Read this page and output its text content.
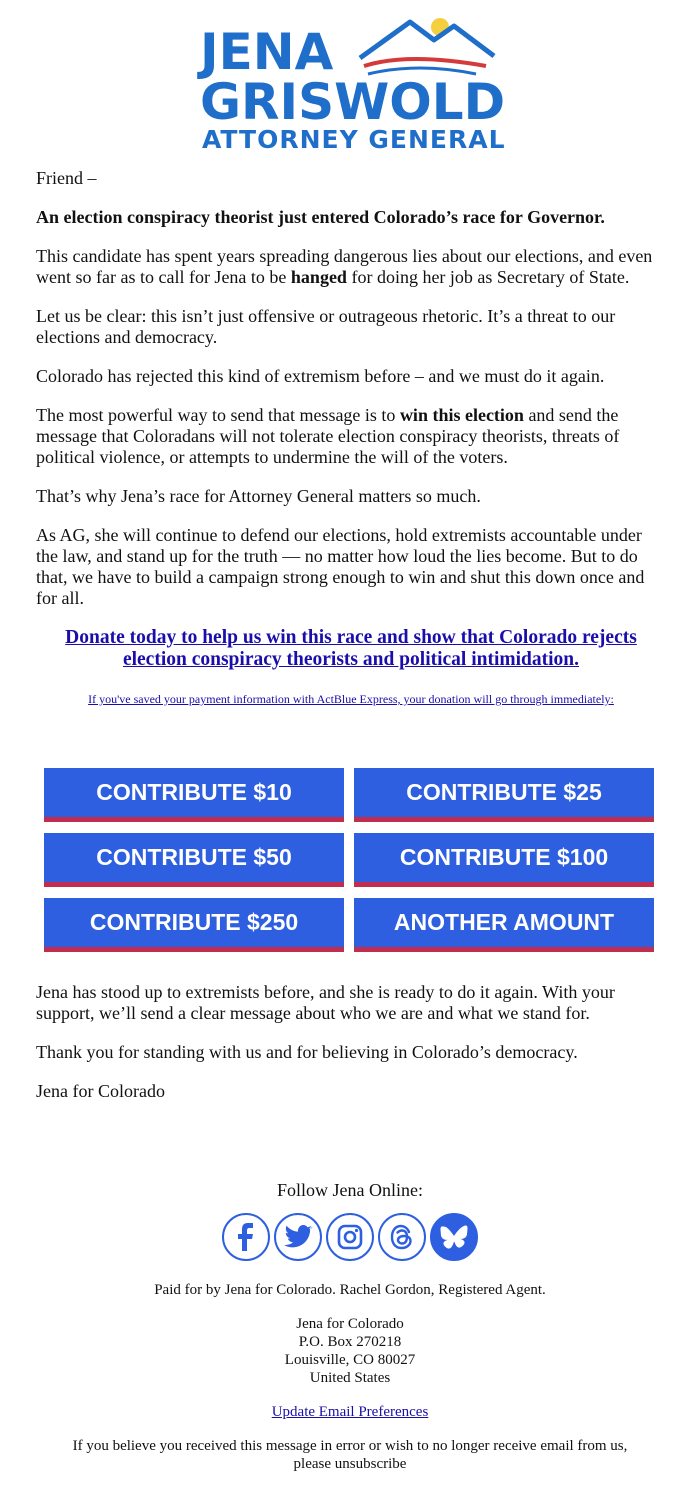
JENA
GRISWOLD
ATTORNEY GENERAL

Friend –

An election conspiracy theorist just entered Colorado’s race for Governor.

This candidate has spent years spreading dangerous lies about our elections, and even went so far as to call for Jena to be hanged for doing her job as Secretary of State.

Let us be clear: this isn’t just offensive or outrageous rhetoric. It’s a threat to our elections and democracy.

Colorado has rejected this kind of extremism before – and we must do it again.

The most powerful way to send that message is to win this election and send the message that Coloradans will not tolerate election conspiracy theorists, threats of political violence, or attempts to undermine the will of the voters.

That’s why Jena’s race for Attorney General matters so much.

As AG, she will continue to defend our elections, hold extremists accountable under the law, and stand up for the truth — no matter how loud the lies become. But to do that, we have to build a campaign strong enough to win and shut this down once and for all.

Donate today to help us win this race and show that Colorado rejects election conspiracy theorists and political intimidation.

If you've saved your payment information with ActBlue Express, your donation will go through immediately:

CONTRIBUTE $10	CONTRIBUTE $25
CONTRIBUTE $50	CONTRIBUTE $100
CONTRIBUTE $250	ANOTHER AMOUNT

Jena has stood up to extremists before, and she is ready to do it again. With your support, we’ll send a clear message about who we are and what we stand for.

Thank you for standing with us and for believing in Colorado’s democracy.

Jena for Colorado

Follow Jena Online:
Paid for by Jena for Colorado. Rachel Gordon, Registered Agent.
Jena for Colorado
P.O. Box 270218
Louisville, CO 80027
United States
Update Email Preferences
If you believe you received this message in error or wish to no longer receive email from us,
please unsubscribe
